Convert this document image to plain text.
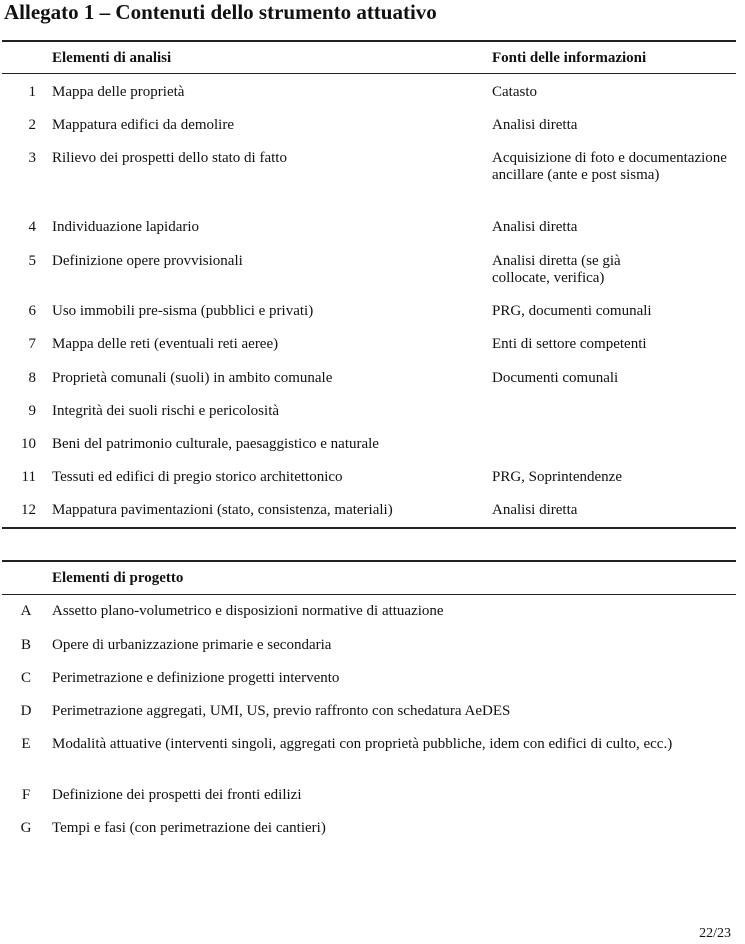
Allegato 1 – Contenuti dello strumento attuativo
Elementi di analisi	Fonti delle informazioni
1 Mappa delle proprietà	Catasto
2 Mappatura edifici da demolire	Analisi diretta
3 Rilievo dei prospetti dello stato di fatto	Acquisizione di foto e documentazione ancillare (ante e post sisma)
4 Individuazione lapidario	Analisi diretta
5 Definizione opere provvisionali	Analisi diretta (se già collocate, verifica)
6 Uso immobili pre-sisma (pubblici e privati)	PRG, documenti comunali
7 Mappa delle reti (eventuali reti aeree)	Enti di settore competenti
8 Proprietà comunali (suoli) in ambito comunale	Documenti comunali
9 Integrità dei suoli rischi e pericolosità
10 Beni del patrimonio culturale, paesaggistico e naturale
11 Tessuti ed edifici di pregio storico architettonico	PRG, Soprintendenze
12 Mappatura pavimentazioni (stato, consistenza, materiali)	Analisi diretta
Elementi di progetto
A	Assetto plano-volumetrico e disposizioni normative di attuazione
B	Opere di urbanizzazione primarie e secondaria
C	Perimetrazione e definizione progetti intervento
D	Perimetrazione aggregati, UMI, US, previo raffronto con schedatura AeDES
E	Modalità attuative (interventi singoli, aggregati con proprietà pubbliche, idem con edifici di culto, ecc.)
F	Definizione dei prospetti dei fronti edilizi
G	Tempi e fasi (con perimetrazione dei cantieri)
22/23
